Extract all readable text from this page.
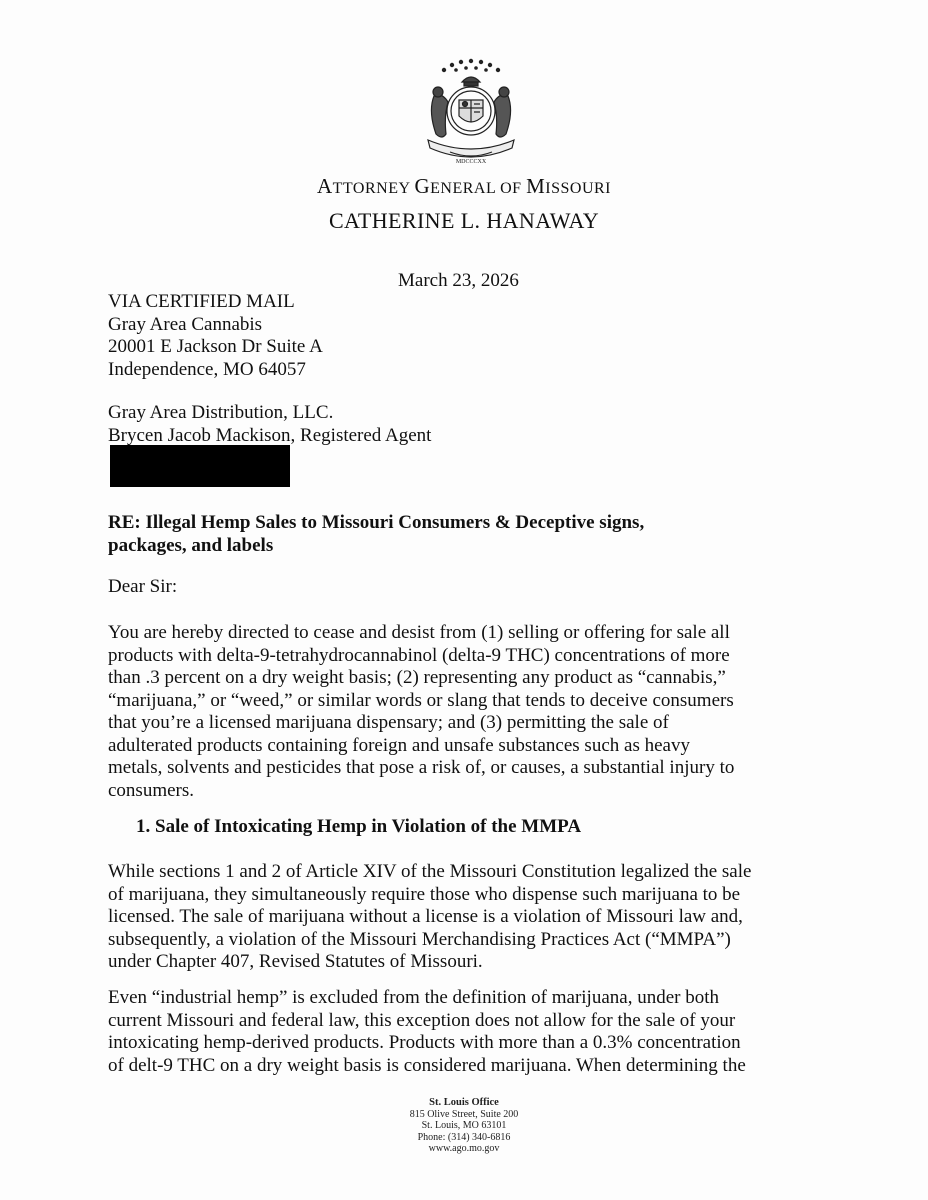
MDCCCXX
ATTORNEY GENERAL OF MISSOURI
CATHERINE L. HANAWAY
March 23, 2026
VIA CERTIFIED MAIL
Gray Area Cannabis
20001 E Jackson Dr Suite A
Independence, MO 64057
Gray Area Distribution, LLC.
Brycen Jacob Mackison, Registered Agent
RE: Illegal Hemp Sales to Missouri Consumers & Deceptive signs,
packages, and labels
Dear Sir:
You are hereby directed to cease and desist from (1) selling or offering for sale all
products with delta-9-tetrahydrocannabinol (delta-9 THC) concentrations of more
than .3 percent on a dry weight basis; (2) representing any product as “cannabis,”
“marijuana,” or “weed,” or similar words or slang that tends to deceive consumers
that you’re a licensed marijuana dispensary; and (3) permitting the sale of
adulterated products containing foreign and unsafe substances such as heavy
metals, solvents and pesticides that pose a risk of, or causes, a substantial injury to
consumers.
1. Sale of Intoxicating Hemp in Violation of the MMPA
While sections 1 and 2 of Article XIV of the Missouri Constitution legalized the sale
of marijuana, they simultaneously require those who dispense such marijuana to be
licensed. The sale of marijuana without a license is a violation of Missouri law and,
subsequently, a violation of the Missouri Merchandising Practices Act (“MMPA”)
under Chapter 407, Revised Statutes of Missouri.
Even “industrial hemp” is excluded from the definition of marijuana, under both
current Missouri and federal law, this exception does not allow for the sale of your
intoxicating hemp-derived products. Products with more than a 0.3% concentration
of delt-9 THC on a dry weight basis is considered marijuana. When determining the
St. Louis Office
815 Olive Street, Suite 200
St. Louis, MO 63101
Phone: (314) 340-6816
www.ago.mo.gov
